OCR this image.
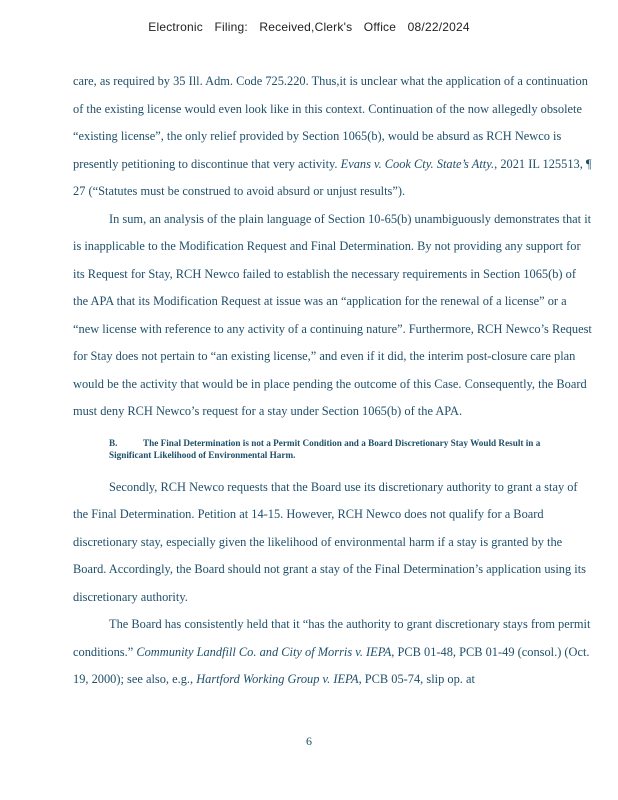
Electronic Filing: Received,Clerk's Office 08/22/2024

care, as required by 35 Ill. Adm. Code 725.220. Thus,it is unclear what the application of a continuation of the existing license would even look like in this context. Continuation of the now allegedly obsolete “existing license”, the only relief provided by Section 1065(b), would be absurd as RCH Newco is presently petitioning to discontinue that very activity. Evans v. Cook Cty. State’s Atty., 2021 IL 125513, ¶ 27 (“Statutes must be construed to avoid absurd or unjust results”).

In sum, an analysis of the plain language of Section 10-65(b) unambiguously demonstrates that it is inapplicable to the Modification Request and Final Determination. By not providing any support for its Request for Stay, RCH Newco failed to establish the necessary requirements in Section 1065(b) of the APA that its Modification Request at issue was an “application for the renewal of a license” or a “new license with reference to any activity of a continuing nature”. Furthermore, RCH Newco’s Request for Stay does not pertain to “an existing license,” and even if it did, the interim post-closure care plan would be the activity that would be in place pending the outcome of this Case. Consequently, the Board must deny RCH Newco’s request for a stay under Section 1065(b) of the APA.

B.	The Final Determination is not a Permit Condition and a Board Discretionary Stay Would Result in a Significant Likelihood of Environmental Harm.

Secondly, RCH Newco requests that the Board use its discretionary authority to grant a stay of the Final Determination. Petition at 14-15. However, RCH Newco does not qualify for a Board discretionary stay, especially given the likelihood of environmental harm if a stay is granted by the Board. Accordingly, the Board should not grant a stay of the Final Determination’s application using its discretionary authority.

The Board has consistently held that it “has the authority to grant discretionary stays from permit conditions.” Community Landfill Co. and City of Morris v. IEPA, PCB 01-48, PCB 01-49 (consol.) (Oct. 19, 2000); see also, e.g., Hartford Working Group v. IEPA, PCB 05-74, slip op. at

6
